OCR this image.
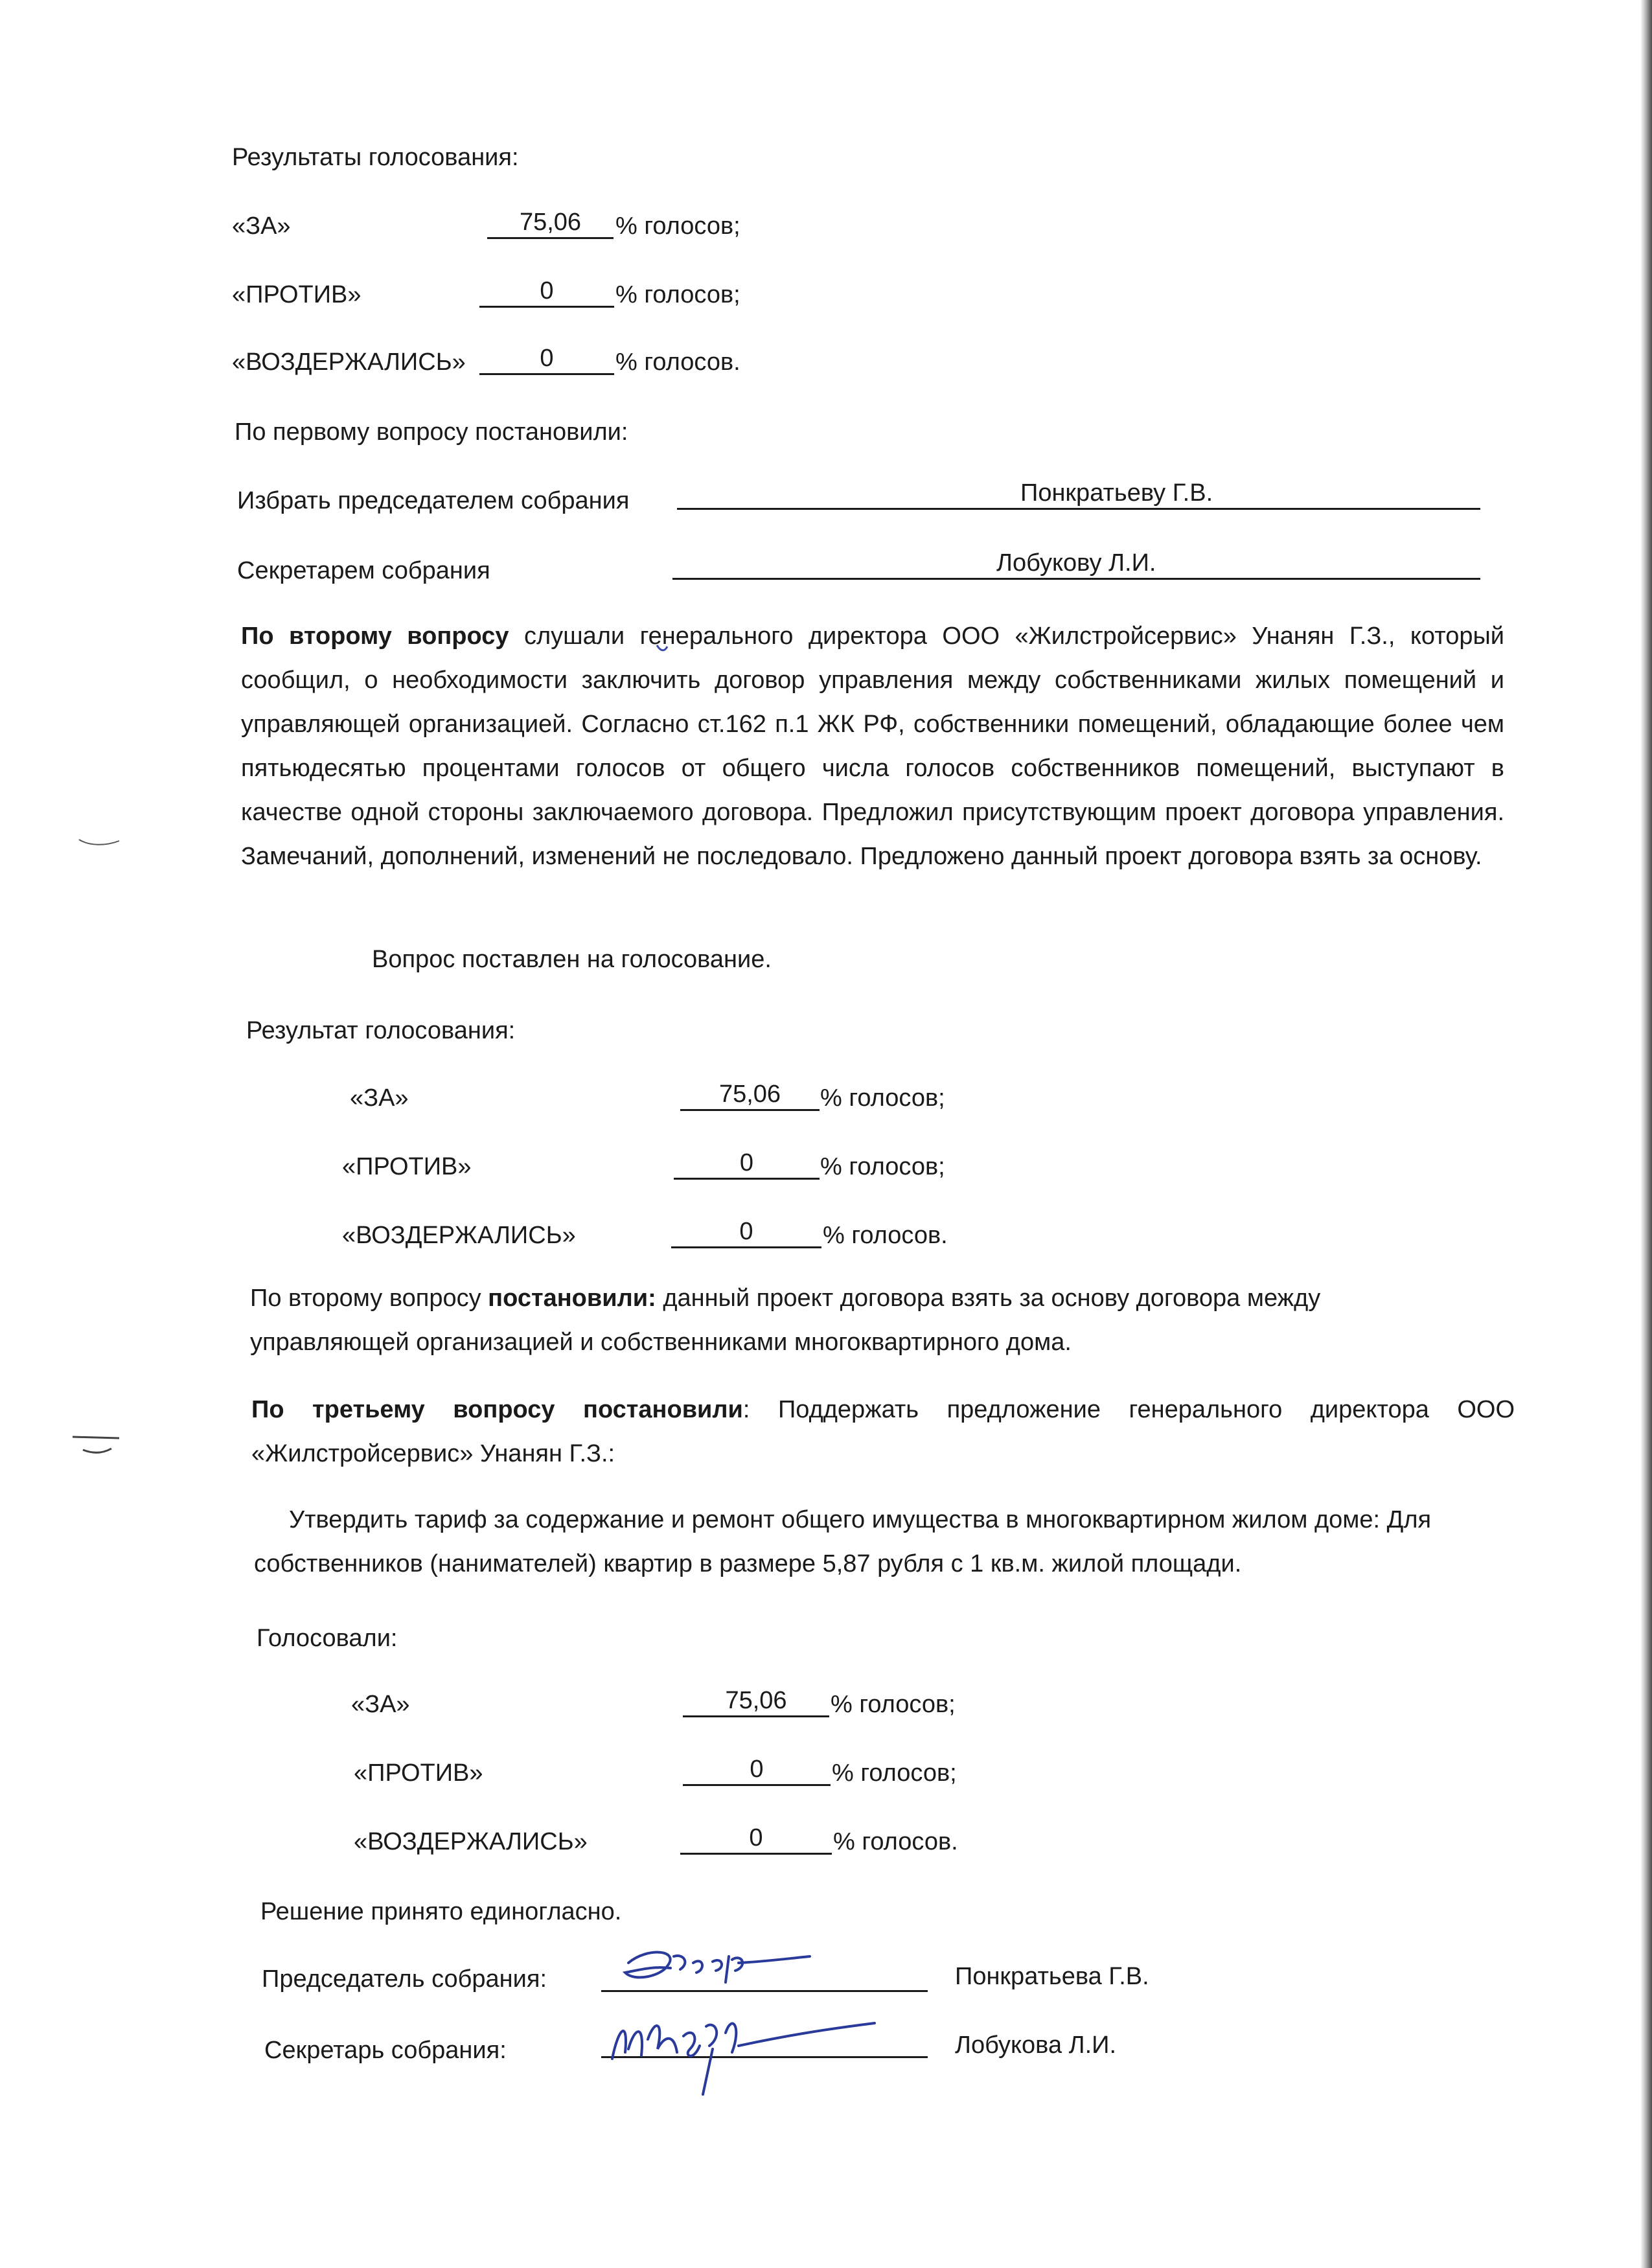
Результаты голосования:
«ЗА»	75,06	% голосов;
«ПРОТИВ»	0	% голосов;
«ВОЗДЕРЖАЛИСЬ»	0	% голосов.
По первому вопросу постановили:
Избрать председателем собрания	Понкратьеву Г.В.
Секретарем собрания	Лобукову Л.И.
По второму вопросу слушали генерального директора ООО «Жилстройсервис» Унанян Г.З., который сообщил, о необходимости заключить договор управления между собственниками жилых помещений и управляющей организацией. Согласно ст.162 п.1 ЖК РФ, собственники помещений, обладающие более чем пятьюдесятью процентами голосов от общего числа голосов собственников помещений, выступают в качестве одной стороны заключаемого договора. Предложил присутствующим проект договора управления. Замечаний, дополнений, изменений не последовало. Предложено данный проект договора взять за основу.
Вопрос поставлен на голосование.
Результат голосования:
«ЗА»	75,06	% голосов;
«ПРОТИВ»	0	% голосов;
«ВОЗДЕРЖАЛИСЬ»	0	% голосов.
По второму вопросу постановили: данный проект договора взять за основу договора между управляющей организацией и собственниками многоквартирного дома.
По третьему вопросу постановили: Поддержать предложение генерального директора ООО «Жилстройсервис» Унанян Г.З.:
Утвердить тариф за содержание и ремонт общего имущества в многоквартирном жилом доме: Для собственников (нанимателей) квартир в размере 5,87 рубля с 1 кв.м. жилой площади.
Голосовали:
«ЗА»	75,06	% голосов;
«ПРОТИВ»	0	% голосов;
«ВОЗДЕРЖАЛИСЬ»	0	% голосов.
Решение принято единогласно.
Председатель собрания:	Понкратьева Г.В.
Секретарь собрания:	Лобукова Л.И.
